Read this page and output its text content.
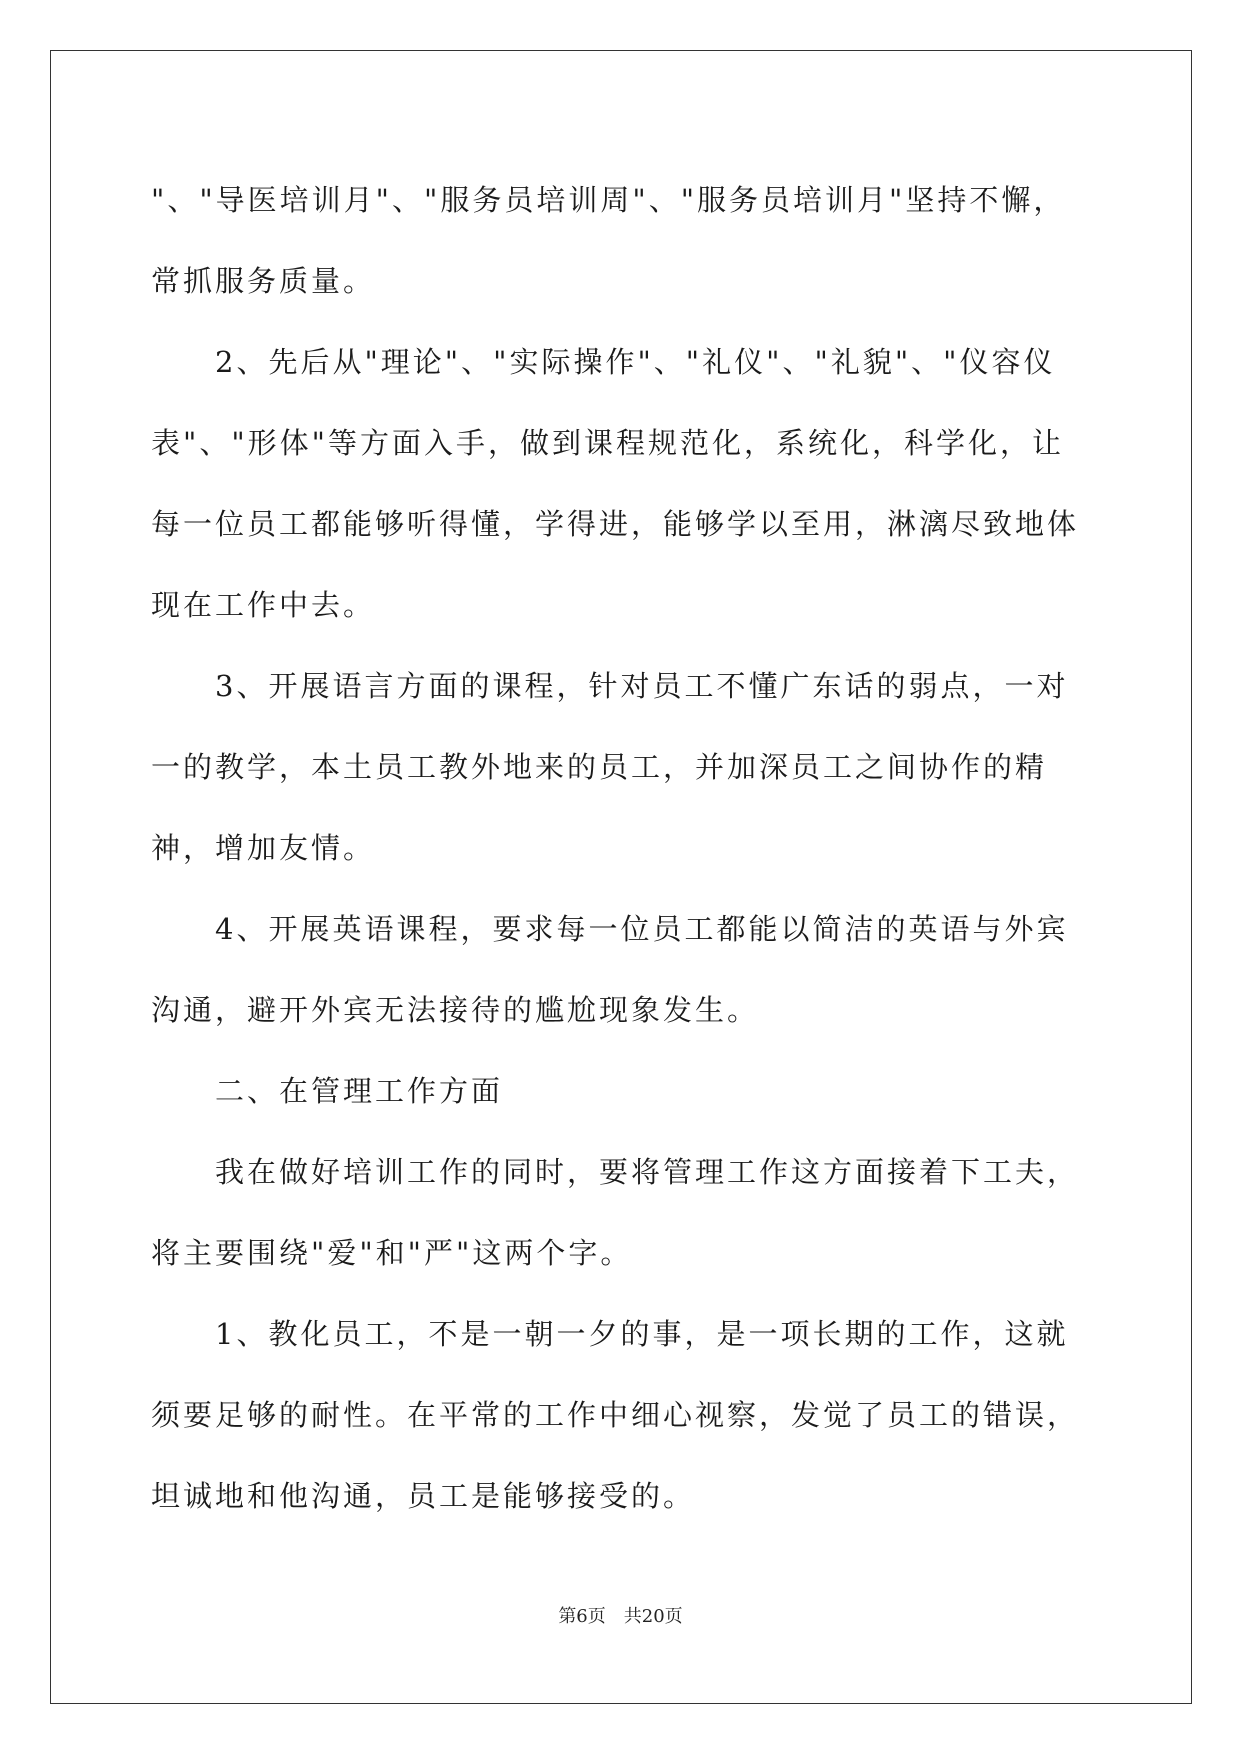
"、"导医培训月"、"服务员培训周"、"服务员培训月"坚持不懈，常抓服务质量。

2、先后从"理论"、"实际操作"、"礼仪"、"礼貌"、"仪容仪表"、"形体"等方面入手，做到课程规范化，系统化，科学化，让每一位员工都能够听得懂，学得进，能够学以至用，淋漓尽致地体现在工作中去。

3、开展语言方面的课程，针对员工不懂广东话的弱点，一对一的教学，本土员工教外地来的员工，并加深员工之间协作的精神，增加友情。

4、开展英语课程，要求每一位员工都能以简洁的英语与外宾沟通，避开外宾无法接待的尴尬现象发生。

二、在管理工作方面

我在做好培训工作的同时，要将管理工作这方面接着下工夫，将主要围绕"爱"和"严"这两个字。

1、教化员工，不是一朝一夕的事，是一项长期的工作，这就须要足够的耐性。在平常的工作中细心视察，发觉了员工的错误，坦诚地和他沟通，员工是能够接受的。

第6页　共20页
